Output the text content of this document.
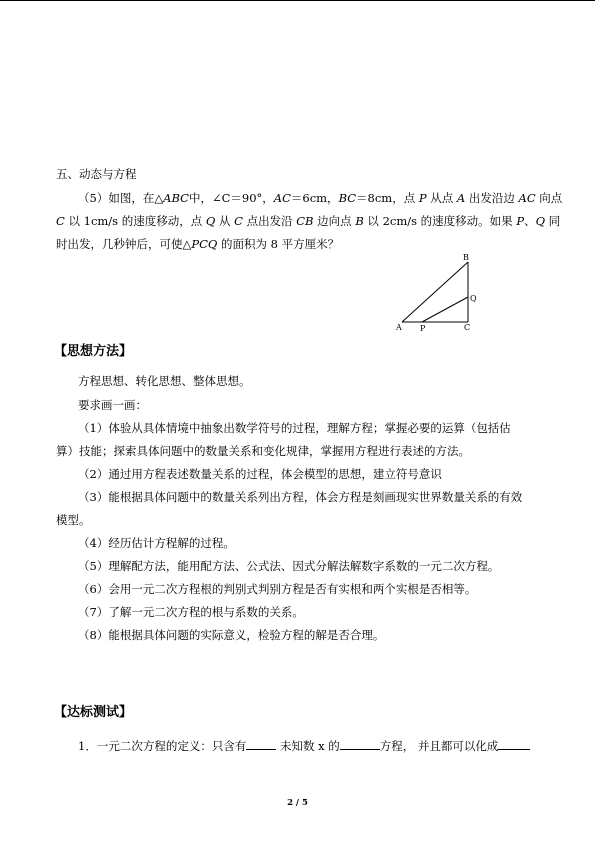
五、动态与方程
（5）如图，在△ABC中，∠C＝90°，AC＝6cm，BC＝8cm，点 P 从点 A 出发沿边 AC 向点
C 以 1cm/s 的速度移动，点 Q 从 C 点出发沿 CB 边向点 B 以 2cm/s 的速度移动。如果 P、Q 同
时出发，几秒钟后，可使△PCQ 的面积为 8 平方厘米？
B
Q
A P	C
【思想方法】
方程思想、转化思想、整体思想。
要求画一画：
（1）体验从具体情境中抽象出数学符号的过程，理解方程；掌握必要的运算（包括估
算）技能；探索具体问题中的数量关系和变化规律，掌握用方程进行表述的方法。
（2）通过用方程表述数量关系的过程，体会模型的思想，建立符号意识
（3）能根据具体问题中的数量关系列出方程，体会方程是刻画现实世界数量关系的有效
模型。
（4）经历估计方程解的过程。
（5）理解配方法，能用配方法、公式法、因式分解法解数字系数的一元二次方程。
（6）会用一元二次方程根的判别式判别方程是否有实根和两个实根是否相等。
（7）了解一元二次方程的根与系数的关系。
（8）能根据具体问题的实际意义，检验方程的解是否合理。
【达标测试】
1．一元二次方程的定义：只含有	未知数 x 的	方程， 并且都可以化成
2 / 5
